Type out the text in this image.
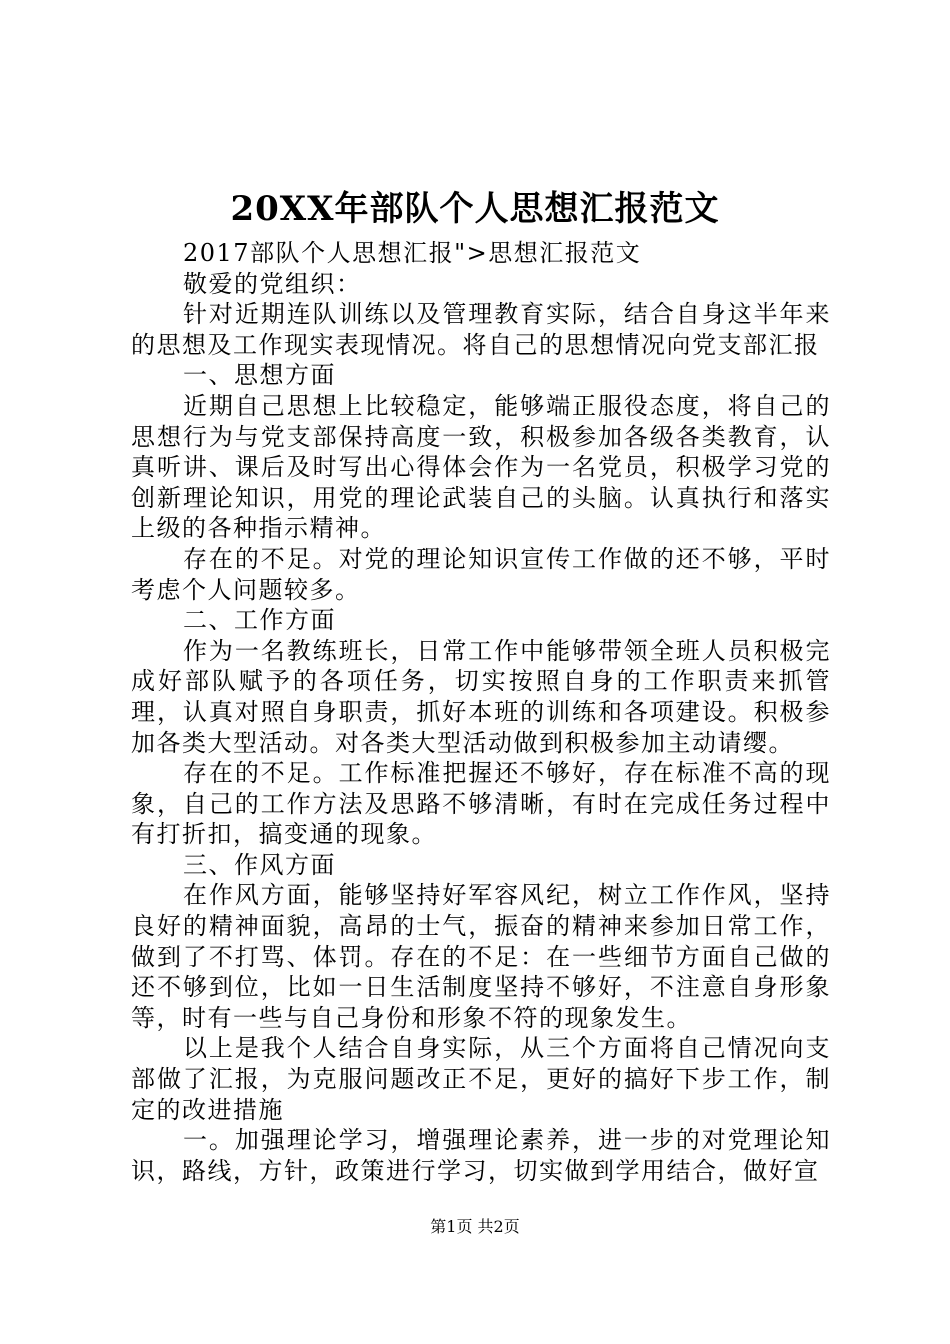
20XX年部队个人思想汇报范文

2017部队个人思想汇报">思想汇报范文

敬爱的党组织：

针对近期连队训练以及管理教育实际，结合自身这半年来的思想及工作现实表现情况。将自己的思想情况向党支部汇报

一、思想方面

近期自己思想上比较稳定，能够端正服役态度，将自己的思想行为与党支部保持高度一致，积极参加各级各类教育，认真听讲、课后及时写出心得体会作为一名党员，积极学习党的创新理论知识，用党的理论武装自己的头脑。认真执行和落实上级的各种指示精神。

存在的不足。对党的理论知识宣传工作做的还不够，平时考虑个人问题较多。

二、工作方面

作为一名教练班长，日常工作中能够带领全班人员积极完成好部队赋予的各项任务，切实按照自身的工作职责来抓管理，认真对照自身职责，抓好本班的训练和各项建设。积极参加各类大型活动。对各类大型活动做到积极参加主动请缨。

存在的不足。工作标准把握还不够好，存在标准不高的现象，自己的工作方法及思路不够清晰，有时在完成任务过程中有打折扣，搞变通的现象。

三、作风方面

在作风方面，能够坚持好军容风纪，树立工作作风，坚持良好的精神面貌，高昂的士气，振奋的精神来参加日常工作，做到了不打骂、体罚。存在的不足：在一些细节方面自己做的还不够到位，比如一日生活制度坚持不够好，不注意自身形象等，时有一些与自己身份和形象不符的现象发生。

以上是我个人结合自身实际，从三个方面将自己情况向支部做了汇报，为克服问题改正不足，更好的搞好下步工作，制定的改进措施

一。加强理论学习，增强理论素养，进一步的对党理论知识，路线，方针，政策进行学习，切实做到学用结合，做好宣

第1页 共2页
